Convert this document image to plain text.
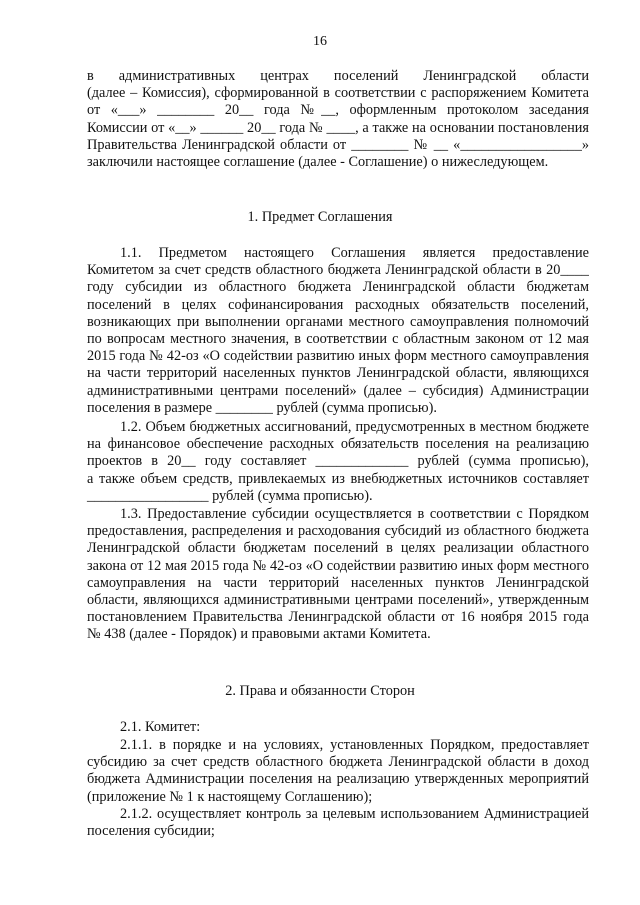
16
в административных центрах поселений Ленинградской области
(далее – Комиссия), сформированной в соответствии с распоряжением Комитета
от «___» ________ 20__ года №__, оформленным протоколом заседания
Комиссии от «__» ______ 20__ года № ____, а также на основании постановления
Правительства Ленинградской области от ________ № __ «_________________»
заключили настоящее соглашение (далее - Соглашение) о нижеследующем.
1. Предмет Соглашения
1.1. Предметом настоящего Соглашения является предоставление
Комитетом за счет средств областного бюджета Ленинградской области в 20____
году субсидии из областного бюджета Ленинградской области бюджетам
поселений в целях софинансирования расходных обязательств поселений,
возникающих при выполнении органами местного самоуправления полномочий
по вопросам местного значения, в соответствии с областным законом от 12 мая
2015 года № 42-оз «О содействии развитию иных форм местного самоуправления
на части территорий населенных пунктов Ленинградской области, являющихся
административными центрами поселений» (далее – субсидия) Администрации
поселения в размере ________ рублей (сумма прописью).
1.2. Объем бюджетных ассигнований, предусмотренных в местном бюджете
на финансовое обеспечение расходных обязательств поселения на реализацию
проектов в 20__ году составляет _____________ рублей (сумма прописью),
а также объем средств, привлекаемых из внебюджетных источников составляет
_________________ рублей (сумма прописью).
1.3. Предоставление субсидии осуществляется в соответствии с Порядком
предоставления, распределения и расходования субсидий из областного бюджета
Ленинградской области бюджетам поселений в целях реализации областного
закона от 12 мая 2015 года № 42-оз «О содействии развитию иных форм местного
самоуправления на части территорий населенных пунктов Ленинградской
области, являющихся административными центрами поселений», утвержденным
постановлением Правительства Ленинградской области от 16 ноября 2015 года
№ 438 (далее - Порядок) и правовыми актами Комитета.
2. Права и обязанности Сторон
2.1. Комитет:
2.1.1. в порядке и на условиях, установленных Порядком, предоставляет
субсидию за счет средств областного бюджета Ленинградской области в доход
бюджета Администрации поселения на реализацию утвержденных мероприятий
(приложение № 1 к настоящему Соглашению);
2.1.2. осуществляет контроль за целевым использованием Администрацией
поселения субсидии;
